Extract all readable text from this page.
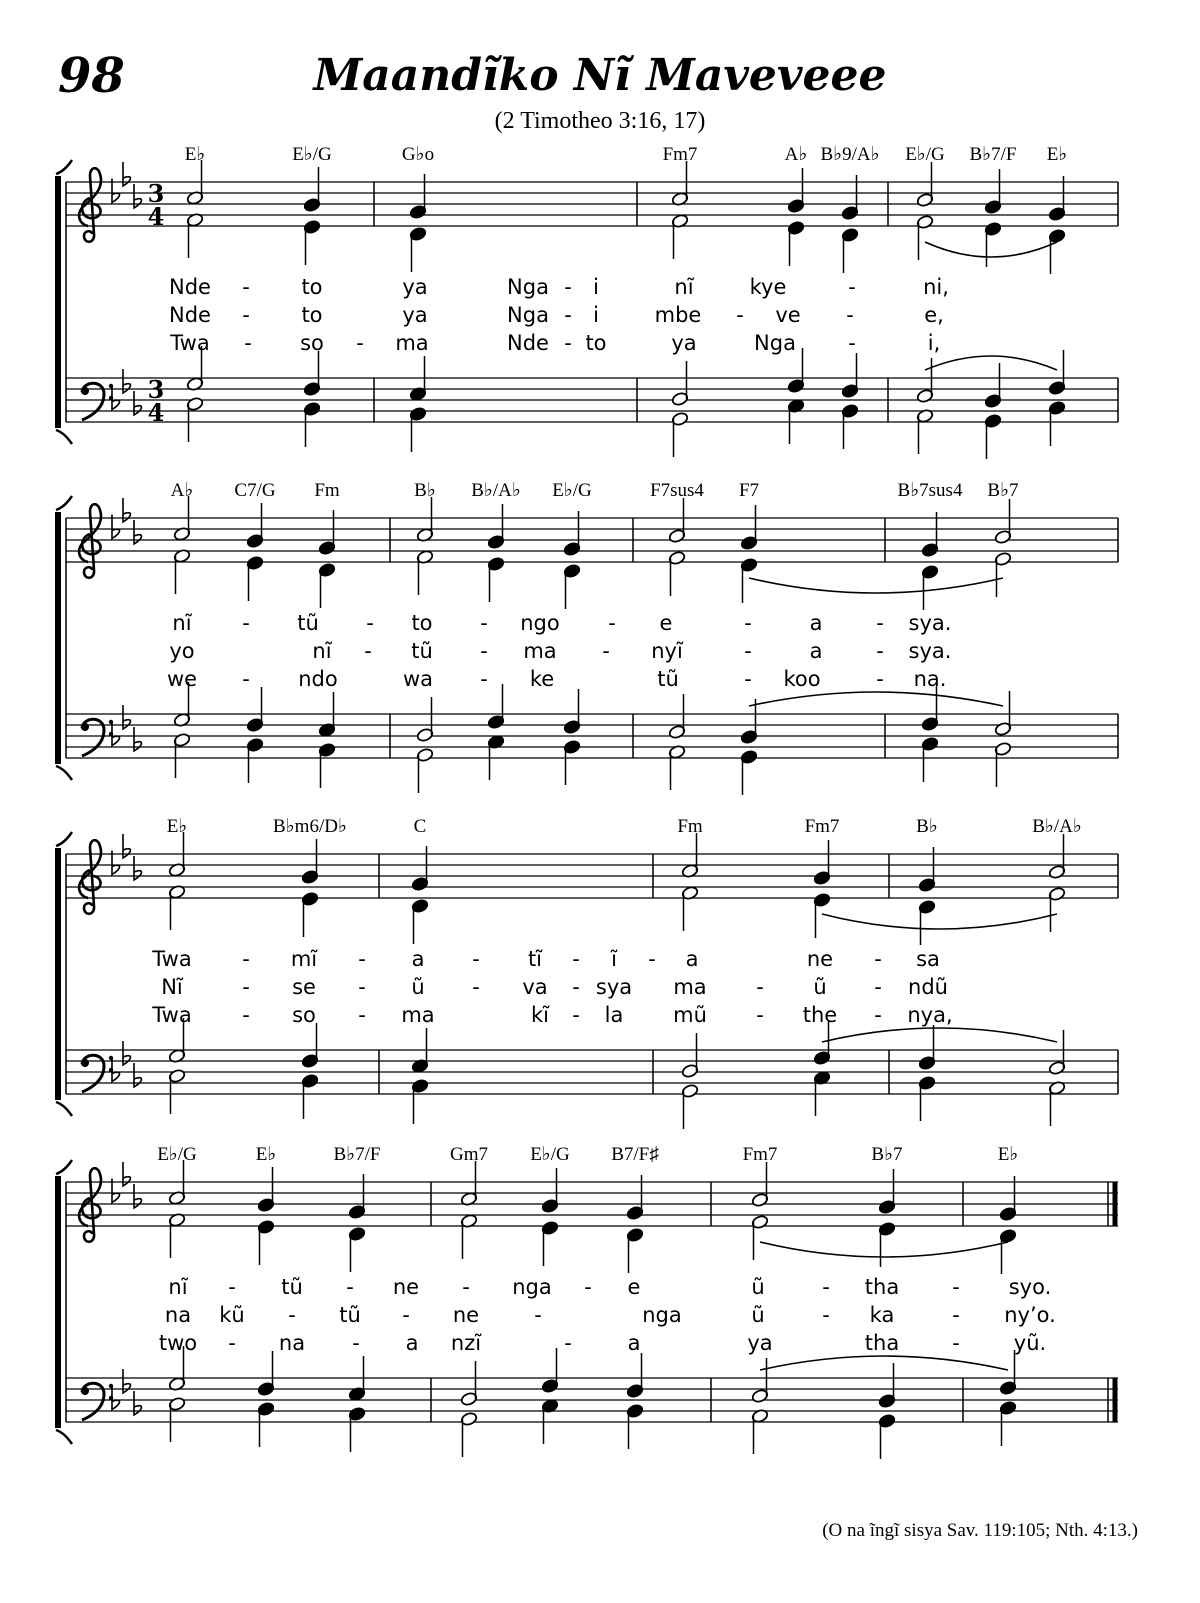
98	Maandĩko Nĩ Maveveee
(2 Timotheo 3:16, 17)
3
4
3
4
E♭	E♭/G	G♭o	Fm7	A♭ B♭9/A♭ E♭/G B♭7/F E♭
Nde - to	ya	Nga - i	nĩ	kye	-	ni,
Nde - to	ya	Nga - i	mbe - ve -	e,
Twa - so - ma	Nde - to	ya	Nga -	i,
A♭ C7/G Fm	B♭ B♭/A♭ E♭/G	F7sus4 F7	B♭7sus4 B♭7
nĩ - tũ - to - ngo - e	-	a	- sya.
yo	nĩ - tũ - ma - nyĩ	-	a	- sya.
we - ndo	wa - ke	tũ	- koo	- na.
E♭	B♭m6/D♭	C	Fm	Fm7	B♭	B♭/A♭
Twa - mĩ - a - tĩ - ĩ - a	ne - sa
Nĩ	- se - ũ - va - sya ma - ũ - ndũ
Twa - so - ma	kĩ - la mũ - the - nya,
E♭/G	E♭	B♭7/F	Gm7 E♭/G B7/F♯	Fm7	B♭7	E♭
nĩ - tũ - ne - nga - e	ũ	- tha	- syo.
na kũ - tũ - ne	-	nga	ũ	- ka	- ny’o.
two - na - a nzĩ	-	a	ya	tha	-	yũ.
(O na ĩngĩ sisya Sav. 119:105; Nth. 4:13.)
